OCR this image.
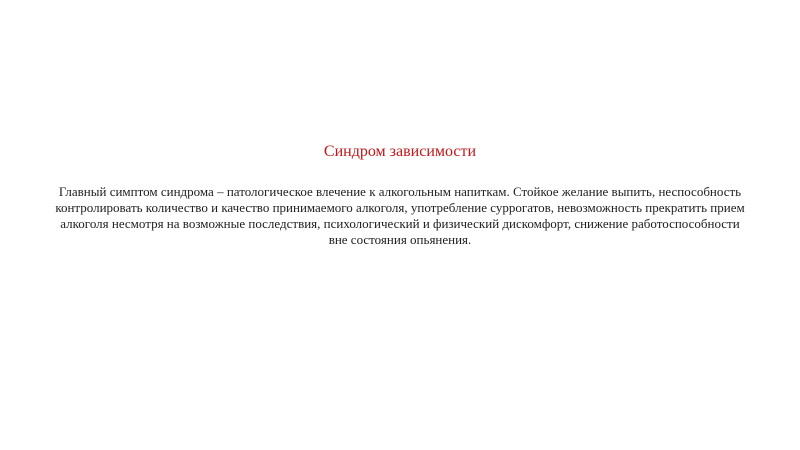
Синдром зависимости

Главный симптом синдрома – патологическое влечение к алкогольным напиткам. Стойкое желание выпить, неспособность контролировать количество и качество принимаемого алкоголя, употребление суррогатов, невозможность прекратить прием алкоголя несмотря на возможные последствия, психологический и физический дискомфорт, снижение работоспособности вне состояния опьянения.
